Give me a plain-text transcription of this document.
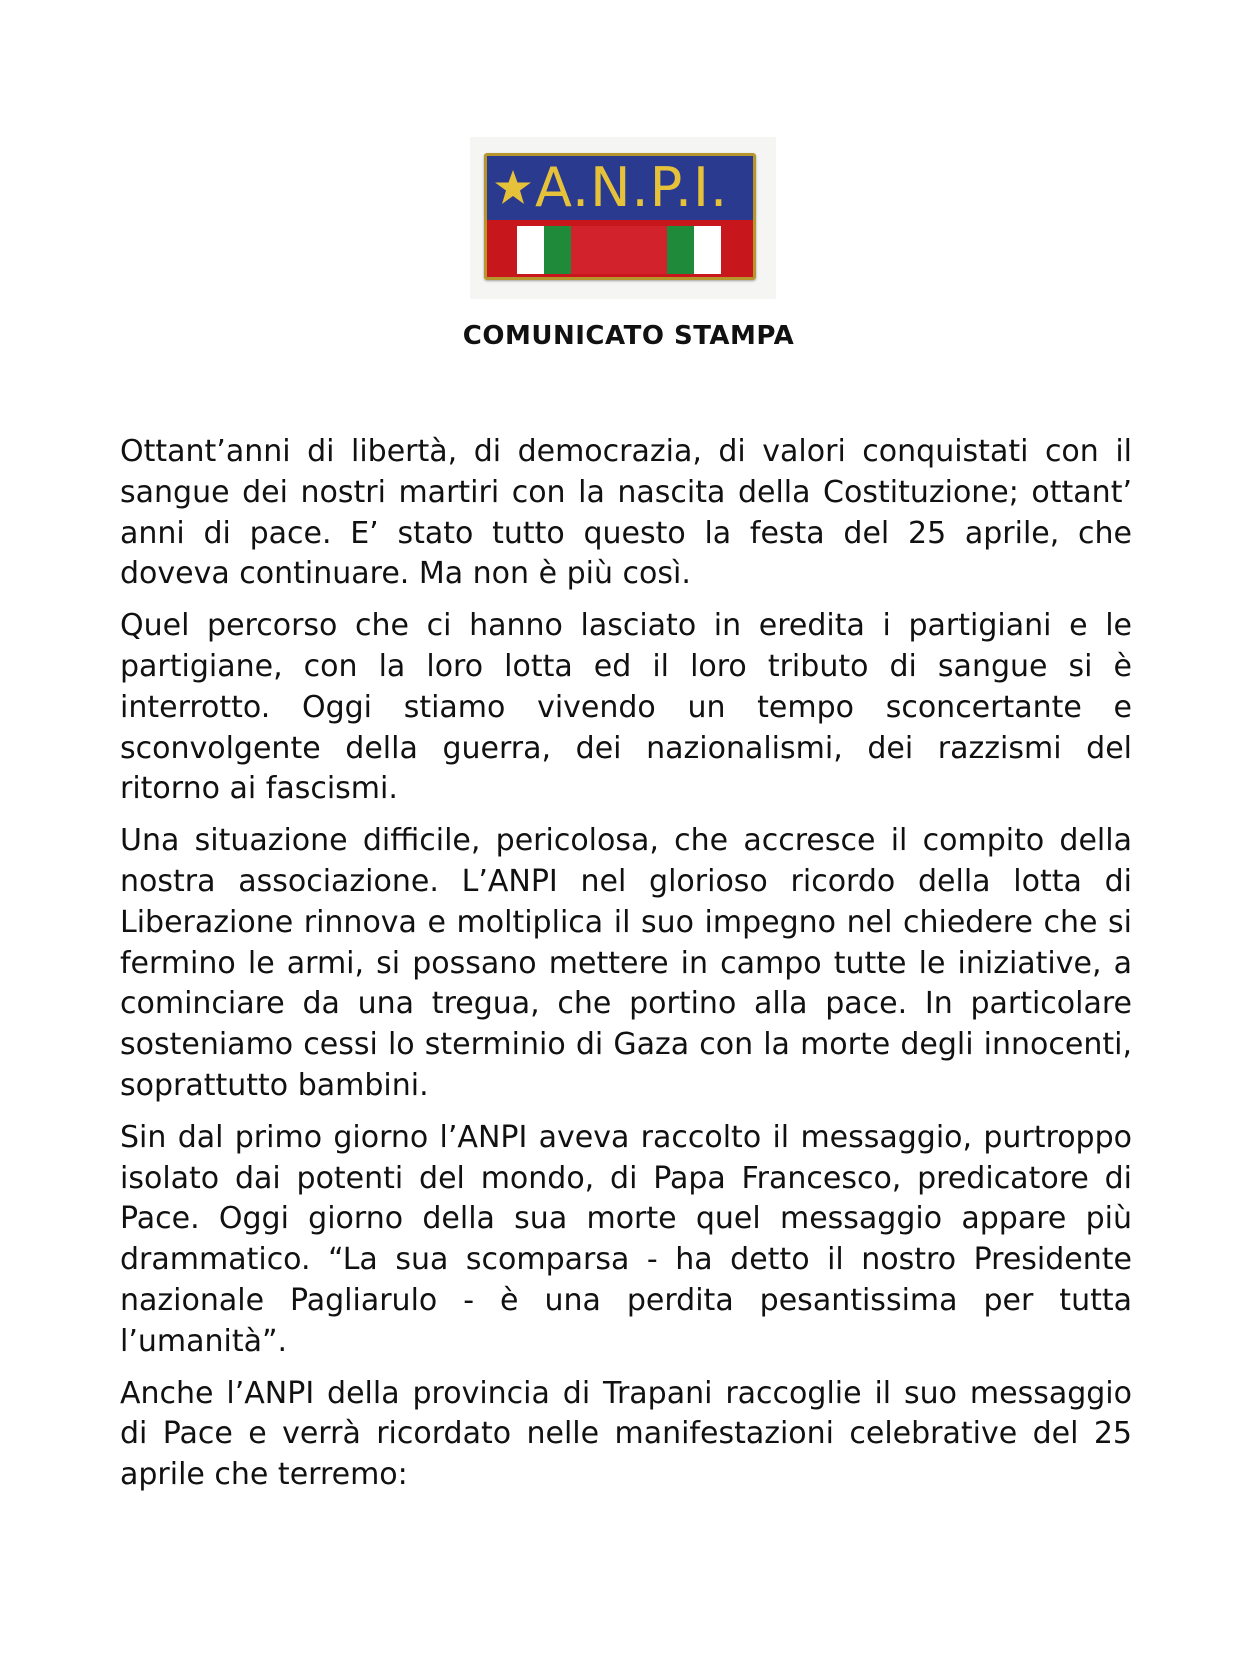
A.N.P.I.
COMUNICATO STAMPA

Ottant’anni di libertà, di democrazia, di valori conquistati con il sangue dei nostri martiri con la nascita della Costituzione; ottant’ anni di pace. E’ stato tutto questo la festa del 25 aprile, che doveva continuare. Ma non è più così.

Quel percorso che ci hanno lasciato in eredita i partigiani e le partigiane, con la loro lotta ed il loro tributo di sangue si è interrotto. Oggi stiamo vivendo un tempo sconcertante e sconvolgente della guerra, dei nazionalismi, dei razzismi del ritorno ai fascismi.

Una situazione difficile, pericolosa, che accresce il compito della nostra associazione. L’ANPI nel glorioso ricordo della lotta di Liberazione rinnova e moltiplica il suo impegno nel chiedere che si fermino le armi, si possano mettere in campo tutte le iniziative, a cominciare da una tregua, che portino alla pace. In particolare sosteniamo cessi lo sterminio di Gaza con la morte degli innocenti, soprattutto bambini.

Sin dal primo giorno l’ANPI aveva raccolto il messaggio, purtroppo isolato dai potenti del mondo, di Papa Francesco, predicatore di Pace. Oggi giorno della sua morte quel messaggio appare più drammatico. “La sua scomparsa - ha detto il nostro Presidente nazionale Pagliarulo - è una perdita pesantissima per tutta l’umanità”.

Anche l’ANPI della provincia di Trapani raccoglie il suo messaggio di Pace e verrà ricordato nelle manifestazioni celebrative del 25 aprile che terremo:
